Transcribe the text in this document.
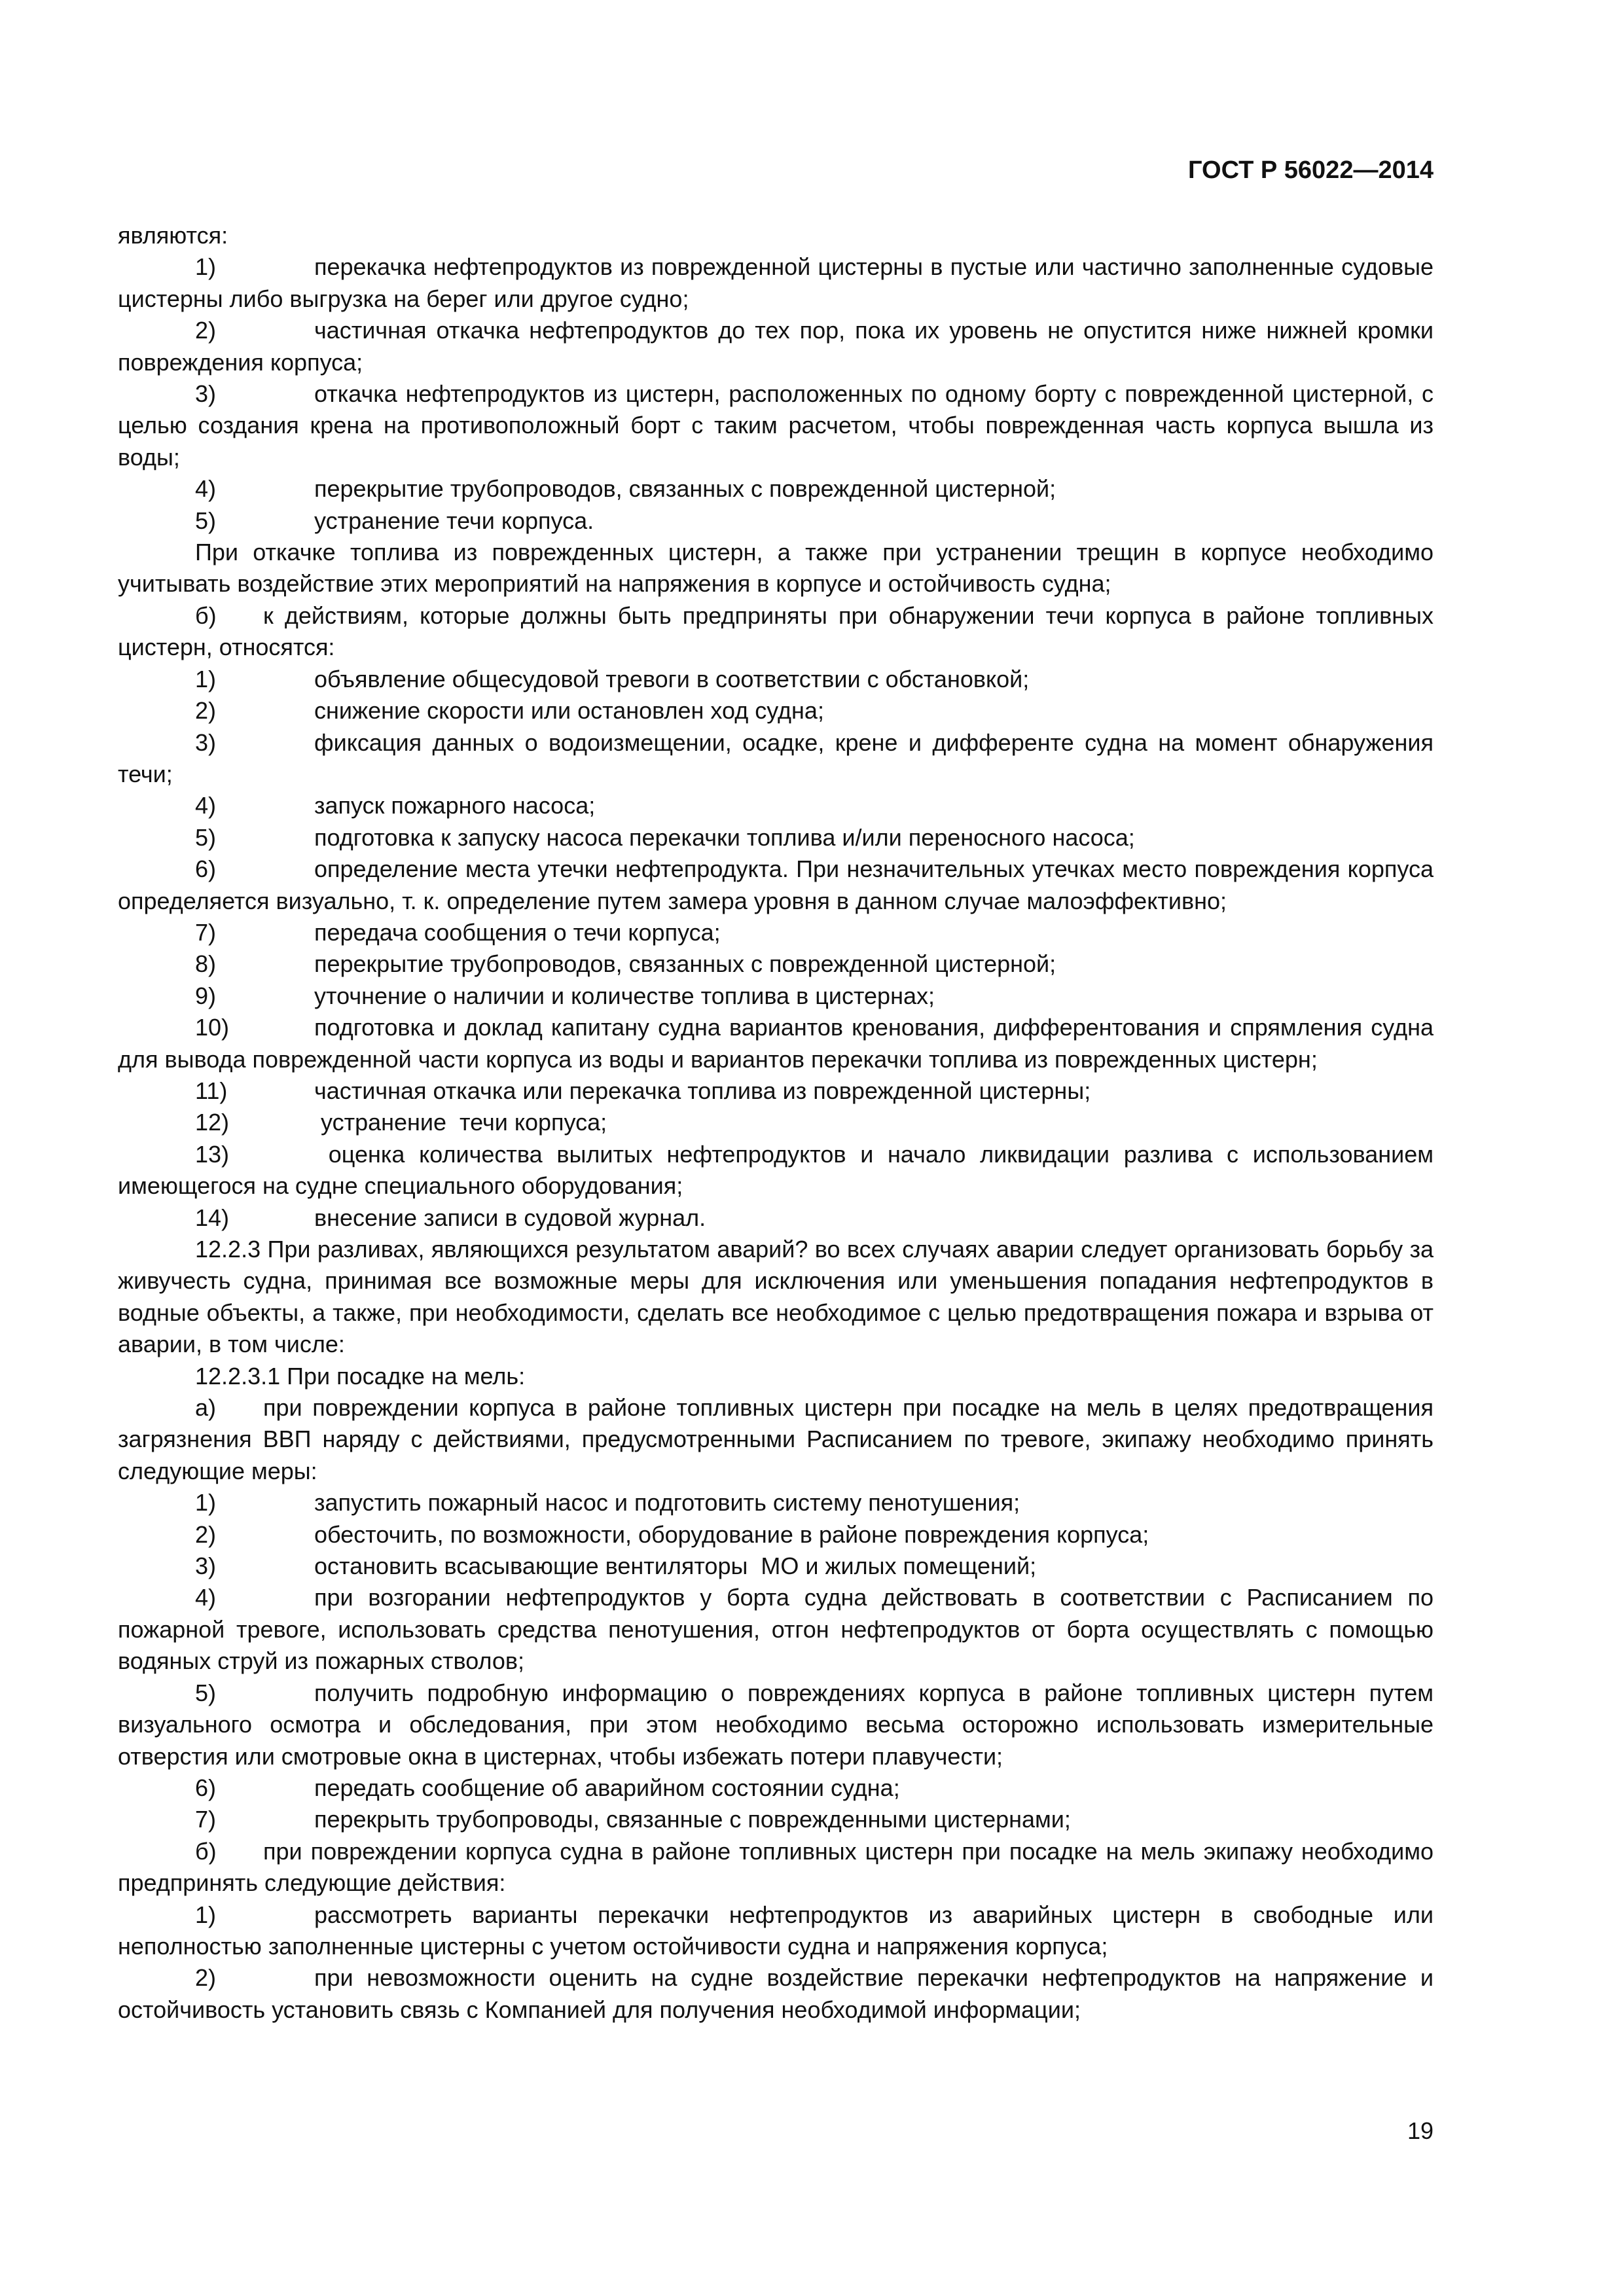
ГОСТ Р 56022—2014
являются:
1)	перекачка нефтепродуктов из поврежденной цистерны в пустые или частично заполненные судовые цистерны либо выгрузка на берег или другое судно;
2)	частичная откачка нефтепродуктов до тех пор, пока их уровень не опустится ниже нижней кромки повреждения корпуса;
3)	откачка нефтепродуктов из цистерн, расположенных по одному борту с поврежденной цистерной, с целью создания крена на противоположный борт с таким расчетом, чтобы поврежденная часть корпуса вышла из воды;
4)	перекрытие трубопроводов, связанных с поврежденной цистерной;
5)	устранение течи корпуса.
При откачке топлива из поврежденных цистерн, а также при устранении трещин в корпусе необходимо учитывать воздействие этих мероприятий на напряжения в корпусе и остойчивость судна;
б) к действиям, которые должны быть предприняты при обнаружении течи корпуса в районе топливных цистерн, относятся:
1)	объявление общесудовой тревоги в соответствии с обстановкой;
2)	снижение скорости или остановлен ход судна;
3)	фиксация данных о водоизмещении, осадке, крене и дифференте судна на момент обнаружения течи;
4)	запуск пожарного насоса;
5)	подготовка к запуску насоса перекачки топлива и/или переносного насоса;
6)	определение места утечки нефтепродукта. При незначительных утечках место повреждения корпуса определяется визуально, т. к. определение путем замера уровня в данном случае малоэффективно;
7)	передача сообщения о течи корпуса;
8)	перекрытие трубопроводов, связанных с поврежденной цистерной;
9)	уточнение о наличии и количестве топлива в цистернах;
10)	подготовка и доклад капитану судна вариантов кренования, дифферентования и спрямления судна для вывода поврежденной части корпуса из воды и вариантов перекачки топлива из поврежденных цистерн;
11)	частичная откачка или перекачка топлива из поврежденной цистерны;
12)	устранение  течи корпуса;
13)	оценка количества вылитых нефтепродуктов и начало ликвидации разлива с использованием имеющегося на судне специального оборудования;
14)	внесение записи в судовой журнал.
12.2.3 При разливах, являющихся результатом аварий? во всех случаях аварии следует организовать борьбу за живучесть судна, принимая все возможные меры для исключения или уменьшения попадания нефтепродуктов в водные объекты, а также, при необходимости, сделать все необходимое с целью предотвращения пожара и взрыва от аварии, в том числе:
12.2.3.1 При посадке на мель:
а) при повреждении корпуса в районе топливных цистерн при посадке на мель в целях предотвращения загрязнения ВВП наряду с действиями, предусмотренными Расписанием по тревоге, экипажу необходимо принять следующие меры:
1)	запустить пожарный насос и подготовить систему пенотушения;
2)	обесточить, по возможности, оборудование в районе повреждения корпуса;
3)	остановить всасывающие вентиляторы  МО и жилых помещений;
4)	при возгорании нефтепродуктов у борта судна действовать в соответствии с Расписанием по пожарной тревоге, использовать средства пенотушения, отгон нефтепродуктов от борта осуществлять с помощью водяных струй из пожарных стволов;
5)	получить подробную информацию о повреждениях корпуса в районе топливных цистерн путем визуального осмотра и обследования, при этом необходимо весьма осторожно использовать измерительные отверстия или смотровые окна в цистернах, чтобы избежать потери плавучести;
6)	передать сообщение об аварийном состоянии судна;
7)	перекрыть трубопроводы, связанные с поврежденными цистернами;
б) при повреждении корпуса судна в районе топливных цистерн при посадке на мель экипажу необходимо предпринять следующие действия:
1)	рассмотреть варианты перекачки нефтепродуктов из аварийных цистерн в свободные или неполностью заполненные цистерны с учетом остойчивости судна и напряжения корпуса;
2)	при невозможности оценить на судне воздействие перекачки нефтепродуктов на напряжение и остойчивость установить связь с Компанией для получения необходимой информации;
19
